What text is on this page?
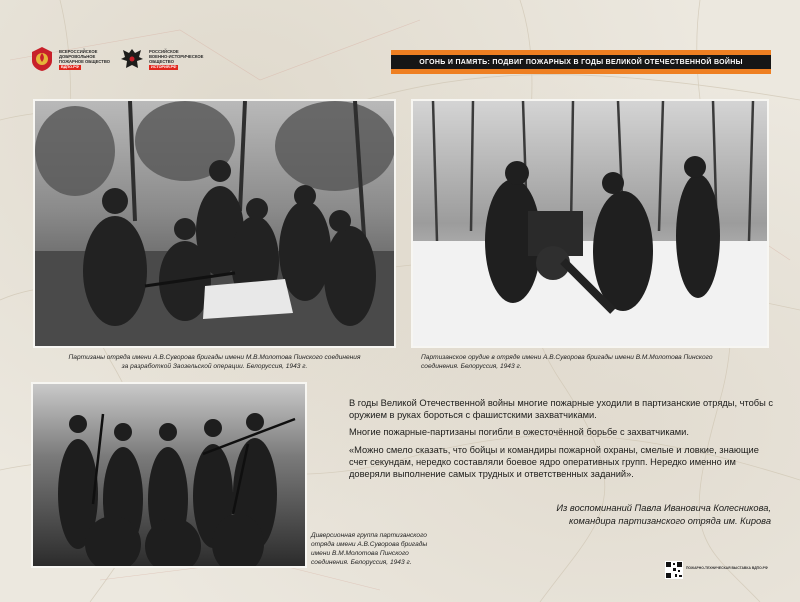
ВСЕРОССИЙСКОЕ
ДОБРОВОЛЬНОЕ
ПОЖАРНОЕ ОБЩЕСТВО
ВДПО.РФ
РОССИЙСКОЕ
ВОЕННО-ИСТОРИЧЕСКОЕ
ОБЩЕСТВО
ИСТОРИЯ.РФ
ОГОНЬ И ПАМЯТЬ: ПОДВИГ ПОЖАРНЫХ В ГОДЫ ВЕЛИКОЙ ОТЕЧЕСТВЕННОЙ ВОЙНЫ
Партизаны отряда имени А.В.Суворова бригады имени М.В.Молотова Пинского соединения
за разработкой Заозельской операции. Белоруссия, 1943 г.
Партизанское орудие в отряде имени А.В.Суворова бригады имени В.М.Молотова Пинского
соединения. Белоруссия, 1943 г.
Диверсионная группа партизанского
отряда имени А.В.Суворова бригады
имени В.М.Молотова Пинского
соединения. Белоруссия, 1943 г.

В годы Великой Отечественной войны многие пожарные уходили в партизанские отряды, чтобы с оружием в руках бороться с фашистскими захватчиками.

Многие пожарные-партизаны погибли в ожесточённой борьбе с захватчиками.

«Можно смело сказать, что бойцы и командиры пожарной охраны, смелые и ловкие, знающие счет секундам, нередко составляли боевое ядро оперативных групп. Нередко именно им доверяли выполнение самых трудных и ответственных заданий».

Из воспоминаний Павла Ивановича Колесникова,
командира партизанского отряда им. Кирова
ПОЖАРНО-ТЕХНИЧЕСКАЯ ВЫСТАВКА ВДПО.РФ
